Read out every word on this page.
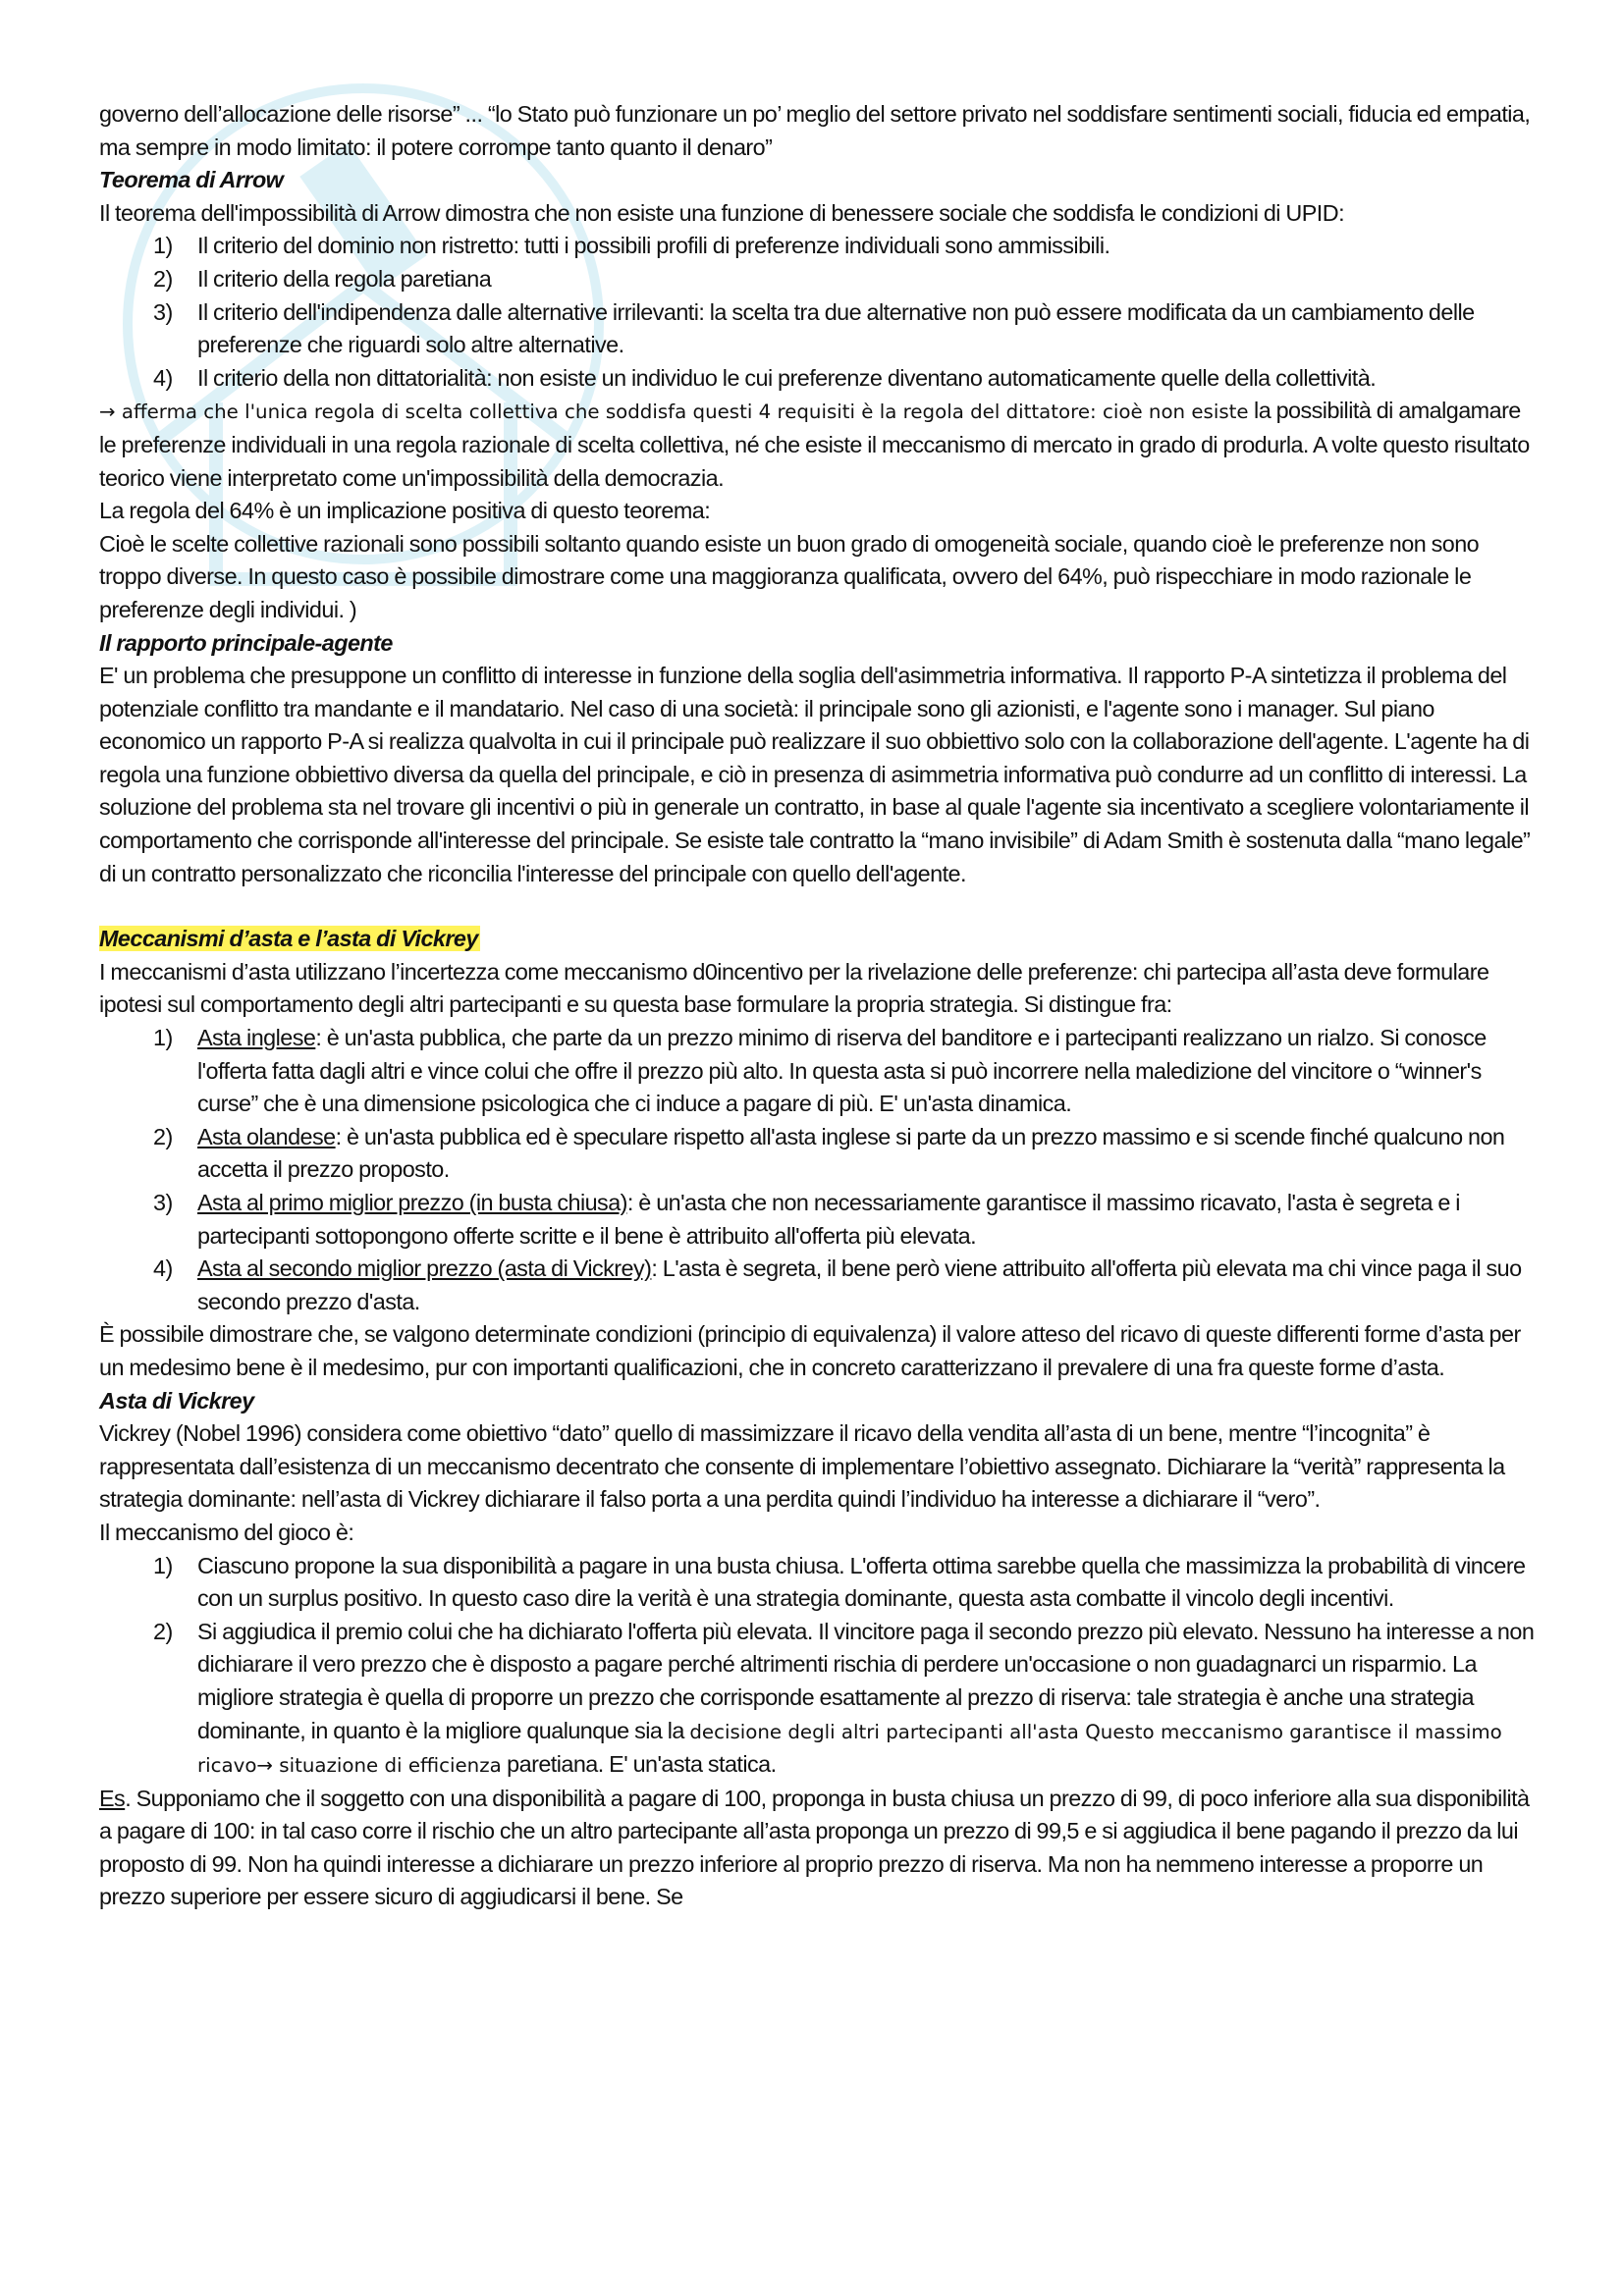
governo dell’allocazione delle risorse” ... “lo Stato può funzionare un po’ meglio del settore privato nel soddisfare sentimenti sociali, fiducia ed empatia, ma sempre in modo limitato: il potere corrompe tanto quanto il denaro”

Teorema di Arrow

Il teorema dell'impossibilità di Arrow dimostra che non esiste una funzione di benessere sociale che soddisfa le condizioni di UPID:

1) Il criterio del dominio non ristretto: tutti i possibili profili di preferenze individuali sono ammissibili.
2) Il criterio della regola paretiana
3) Il criterio dell'indipendenza dalle alternative irrilevanti: la scelta tra due alternative non può essere modificata da un cambiamento delle preferenze che riguardi solo altre alternative.
4) Il criterio della non dittatorialità: non esiste un individuo le cui preferenze diventano automaticamente quelle della collettività.

→ afferma che l'unica regola di scelta collettiva che soddisfa questi 4 requisiti è la regola del dittatore: cioè non esiste la possibilità di amalgamare le preferenze individuali in una regola razionale di scelta collettiva, né che esiste il meccanismo di mercato in grado di produrla. A volte questo risultato teorico viene interpretato come un'impossibilità della democrazia.

La regola del 64% è un implicazione positiva di questo teorema:

Cioè le scelte collettive razionali sono possibili soltanto quando esiste un buon grado di omogeneità sociale, quando cioè le preferenze non sono troppo diverse. In questo caso è possibile dimostrare come una maggioranza qualificata, ovvero del 64%, può rispecchiare in modo razionale le preferenze degli individui. )

Il rapporto principale-agente

E' un problema che presuppone un conflitto di interesse in funzione della soglia dell'asimmetria informativa. Il rapporto P-A sintetizza il problema del potenziale conflitto tra mandante e il mandatario. Nel caso di una società: il principale sono gli azionisti, e l'agente sono i manager. Sul piano economico un rapporto P-A si realizza qualvolta in cui il principale può realizzare il suo obbiettivo solo con la collaborazione dell'agente. L'agente ha di regola una funzione obbiettivo diversa da quella del principale, e ciò in presenza di asimmetria informativa può condurre ad un conflitto di interessi. La soluzione del problema sta nel trovare gli incentivi o più in generale un contratto, in base al quale l'agente sia incentivato a scegliere volontariamente il comportamento che corrisponde all'interesse del principale. Se esiste tale contratto la “mano invisibile” di Adam Smith è sostenuta dalla “mano legale” di un contratto personalizzato che riconcilia l'interesse del principale con quello dell'agente.

Meccanismi d’asta e l’asta di Vickrey

I meccanismi d’asta utilizzano l’incertezza come meccanismo d0incentivo per la rivelazione delle preferenze: chi partecipa all’asta deve formulare ipotesi sul comportamento degli altri partecipanti e su questa base formulare la propria strategia. Si distingue fra:

1) Asta inglese: è un'asta pubblica, che parte da un prezzo minimo di riserva del banditore e i partecipanti realizzano un rialzo. Si conosce l'offerta fatta dagli altri e vince colui che offre il prezzo più alto. In questa asta si può incorrere nella maledizione del vincitore o “winner's curse” che è una dimensione psicologica che ci induce a pagare di più. E' un'asta dinamica.
2) Asta olandese: è un'asta pubblica ed è speculare rispetto all'asta inglese si parte da un prezzo massimo e si scende finché qualcuno non accetta il prezzo proposto.
3) Asta al primo miglior prezzo (in busta chiusa): è un'asta che non necessariamente garantisce il massimo ricavato, l'asta è segreta e i partecipanti sottopongono offerte scritte e il bene è attribuito all'offerta più elevata.
4) Asta al secondo miglior prezzo (asta di Vickrey): L'asta è segreta, il bene però viene attribuito all'offerta più elevata ma chi vince paga il suo secondo prezzo d'asta.

È possibile dimostrare che, se valgono determinate condizioni (principio di equivalenza) il valore atteso del ricavo di queste differenti forme d’asta per un medesimo bene è il medesimo, pur con importanti qualificazioni, che in concreto caratterizzano il prevalere di una fra queste forme d’asta.

Asta di Vickrey

Vickrey (Nobel 1996) considera come obiettivo “dato” quello di massimizzare il ricavo della vendita all’asta di un bene, mentre “l’incognita” è rappresentata dall’esistenza di un meccanismo decentrato che consente di implementare l’obiettivo assegnato. Dichiarare la “verità” rappresenta la strategia dominante: nell’asta di Vickrey dichiarare il falso porta a una perdita quindi l’individuo ha interesse a dichiarare il “vero”.

Il meccanismo del gioco è:

1) Ciascuno propone la sua disponibilità a pagare in una busta chiusa. L'offerta ottima sarebbe quella che massimizza la probabilità di vincere con un surplus positivo. In questo caso dire la verità è una strategia dominante, questa asta combatte il vincolo degli incentivi.
2) Si aggiudica il premio colui che ha dichiarato l'offerta più elevata. Il vincitore paga il secondo prezzo più elevato. Nessuno ha interesse a non dichiarare il vero prezzo che è disposto a pagare perché altrimenti rischia di perdere un'occasione o non guadagnarci un risparmio. La migliore strategia è quella di proporre un prezzo che corrisponde esattamente al prezzo di riserva: tale strategia è anche una strategia dominante, in quanto è la migliore qualunque sia la decisione degli altri partecipanti all'asta Questo meccanismo garantisce il massimo ricavo→ situazione di efficienza paretiana. E' un'asta statica.

Es. Supponiamo che il soggetto con una disponibilità a pagare di 100, proponga in busta chiusa un prezzo di 99, di poco inferiore alla sua disponibilità a pagare di 100: in tal caso corre il rischio che un altro partecipante all’asta proponga un prezzo di 99,5 e si aggiudica il bene pagando il prezzo da lui proposto di 99. Non ha quindi interesse a dichiarare un prezzo inferiore al proprio prezzo di riserva. Ma non ha nemmeno interesse a proporre un prezzo superiore per essere sicuro di aggiudicarsi il bene. Se
